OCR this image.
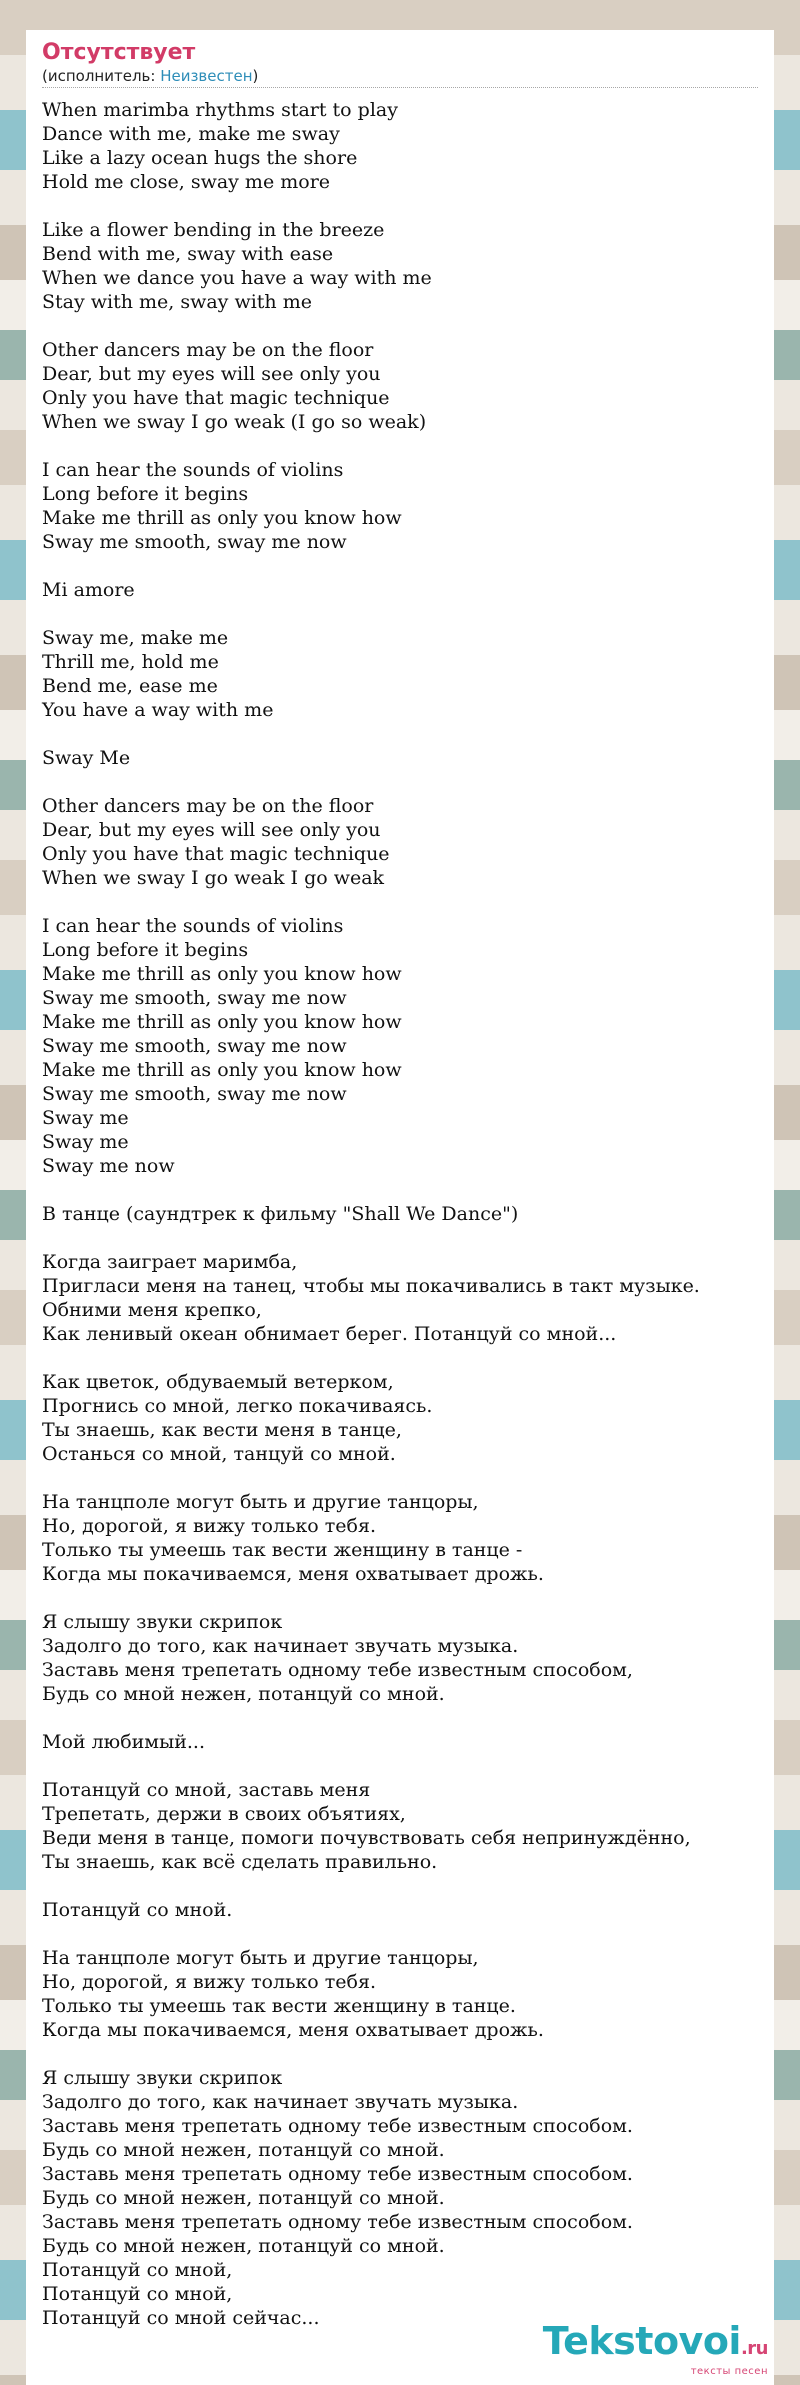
Отсутствует
(исполнитель: Неизвестен)
When marimba rhythms start to play
Dance with me, make me sway
Like a lazy ocean hugs the shore
Hold me close, sway me more
Like a flower bending in the breeze
Bend with me, sway with ease
When we dance you have a way with me
Stay with me, sway with me
Other dancers may be on the floor
Dear, but my eyes will see only you
Only you have that magic technique
When we sway I go weak (I go so weak)
I can hear the sounds of violins
Long before it begins
Make me thrill as only you know how
Sway me smooth, sway me now
Mi amore
Sway me, make me
Thrill me, hold me
Bend me, ease me
You have a way with me
Sway Me
Other dancers may be on the floor
Dear, but my eyes will see only you
Only you have that magic technique
When we sway I go weak I go weak
I can hear the sounds of violins
Long before it begins
Make me thrill as only you know how
Sway me smooth, sway me now
Make me thrill as only you know how
Sway me smooth, sway me now
Make me thrill as only you know how
Sway me smooth, sway me now
Sway me
Sway me
Sway me now
В танце (саундтрек к фильму "Shall We Dance")
Когда заиграет маримба,
Пригласи меня на танец, чтобы мы покачивались в такт музыке.
Обними меня крепко,
Как ленивый океан обнимает берег. Потанцуй со мной...
Как цветок, обдуваемый ветерком,
Прогнись со мной, легко покачиваясь.
Ты знаешь, как вести меня в танце,
Останься со мной, танцуй со мной.
На танцполе могут быть и другие танцоры,
Но, дорогой, я вижу только тебя.
Только ты умеешь так вести женщину в танце -
Когда мы покачиваемся, меня охватывает дрожь.
Я слышу звуки скрипок
Задолго до того, как начинает звучать музыка.
Заставь меня трепетать одному тебе известным способом,
Будь со мной нежен, потанцуй со мной.
Мой любимый...
Потанцуй со мной, заставь меня
Трепетать, держи в своих объятиях,
Веди меня в танце, помоги почувствовать себя непринуждённо,
Ты знаешь, как всё сделать правильно.
Потанцуй со мной.
На танцполе могут быть и другие танцоры,
Но, дорогой, я вижу только тебя.
Только ты умеешь так вести женщину в танце.
Когда мы покачиваемся, меня охватывает дрожь.
Я слышу звуки скрипок
Задолго до того, как начинает звучать музыка.
Заставь меня трепетать одному тебе известным способом.
Будь со мной нежен, потанцуй со мной.
Заставь меня трепетать одному тебе известным способом.
Будь со мной нежен, потанцуй со мной.
Заставь меня трепетать одному тебе известным способом.
Будь со мной нежен, потанцуй со мной.
Потанцуй со мной,
Потанцуй со мной,
Потанцуй со мной сейчас...
Tekstovoi.ru
тексты песен
